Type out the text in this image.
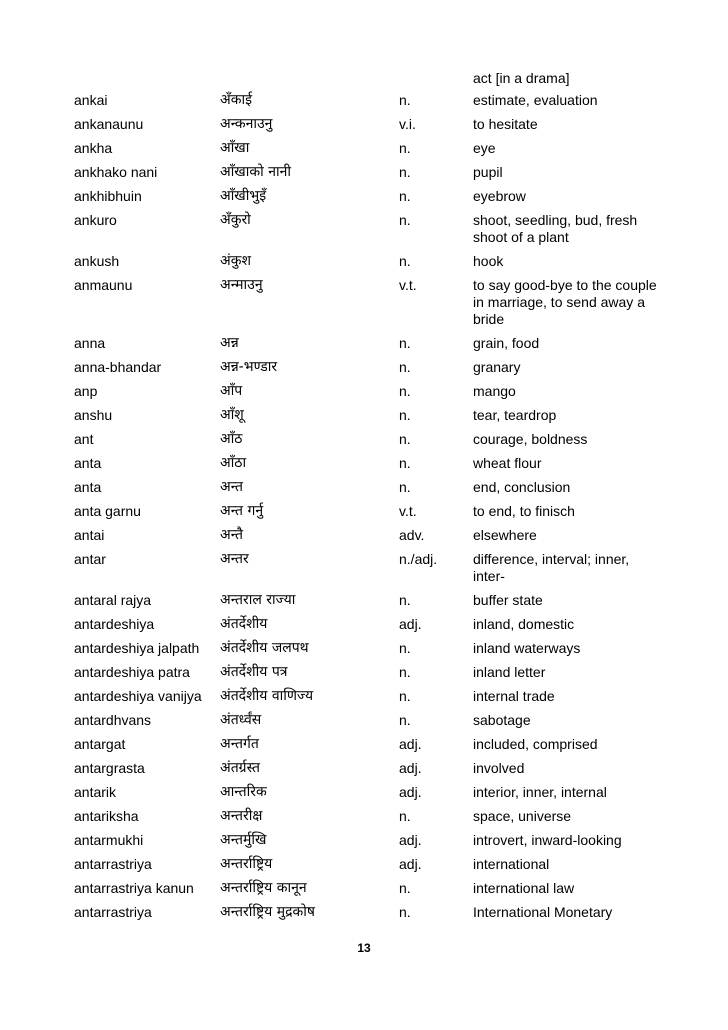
act [in a drama]
ankai	अँकाई	n.	estimate, evaluation
ankanaunu	अन्कनाउनु	v.i.	to hesitate
ankha	आँखा	n.	eye
ankhako nani	आँखाको नानी	n.	pupil
ankhibhuin	आँखीभुइँ	n.	eyebrow
ankuro	अँकुरो	n.	shoot, seedling, bud, fresh shoot of a plant
ankush	अंकुश	n.	hook
anmaunu	अन्माउनु	v.t.	to say good-bye to the couple in marriage, to send away a bride
anna	अन्न	n.	grain, food
anna-bhandar	अन्न-भण्डार	n.	granary
anp	आँप	n.	mango
anshu	आँशू	n.	tear, teardrop
ant	आँठ	n.	courage, boldness
anta	आँठा	n.	wheat flour
anta	अन्त	n.	end, conclusion
anta garnu	अन्त गर्नु	v.t.	to end, to finisch
antai	अन्तै	adv.	elsewhere
antar	अन्तर	n./adj.	difference, interval; inner, inter-
antaral rajya	अन्तराल राज्या	n.	buffer state
antardeshiya	अंतर्देशीय	adj.	inland, domestic
antardeshiya jalpath	अंतर्देशीय जलपथ	n.	inland waterways
antardeshiya patra	अंतर्देशीय पत्र	n.	inland letter
antardeshiya vanijya	अंतर्देशीय वाणिज्य	n.	internal trade
antardhvans	अंतर्ध्वंस	n.	sabotage
antargat	अन्तर्गत	adj.	included, comprised
antargrasta	अंतर्ग्रस्त	adj.	involved
antarik	आन्तरिक	adj.	interior, inner, internal
antariksha	अन्तरीक्ष	n.	space, universe
antarmukhi	अन्तर्मुखि	adj.	introvert, inward-looking
antarrastriya	अन्तर्राष्ट्रिय	adj.	international
antarrastriya kanun	अन्तर्राष्ट्रिय कानून	n.	international law
antarrastriya	अन्तर्राष्ट्रिय मुद्रकोष	n.	International Monetary
13
